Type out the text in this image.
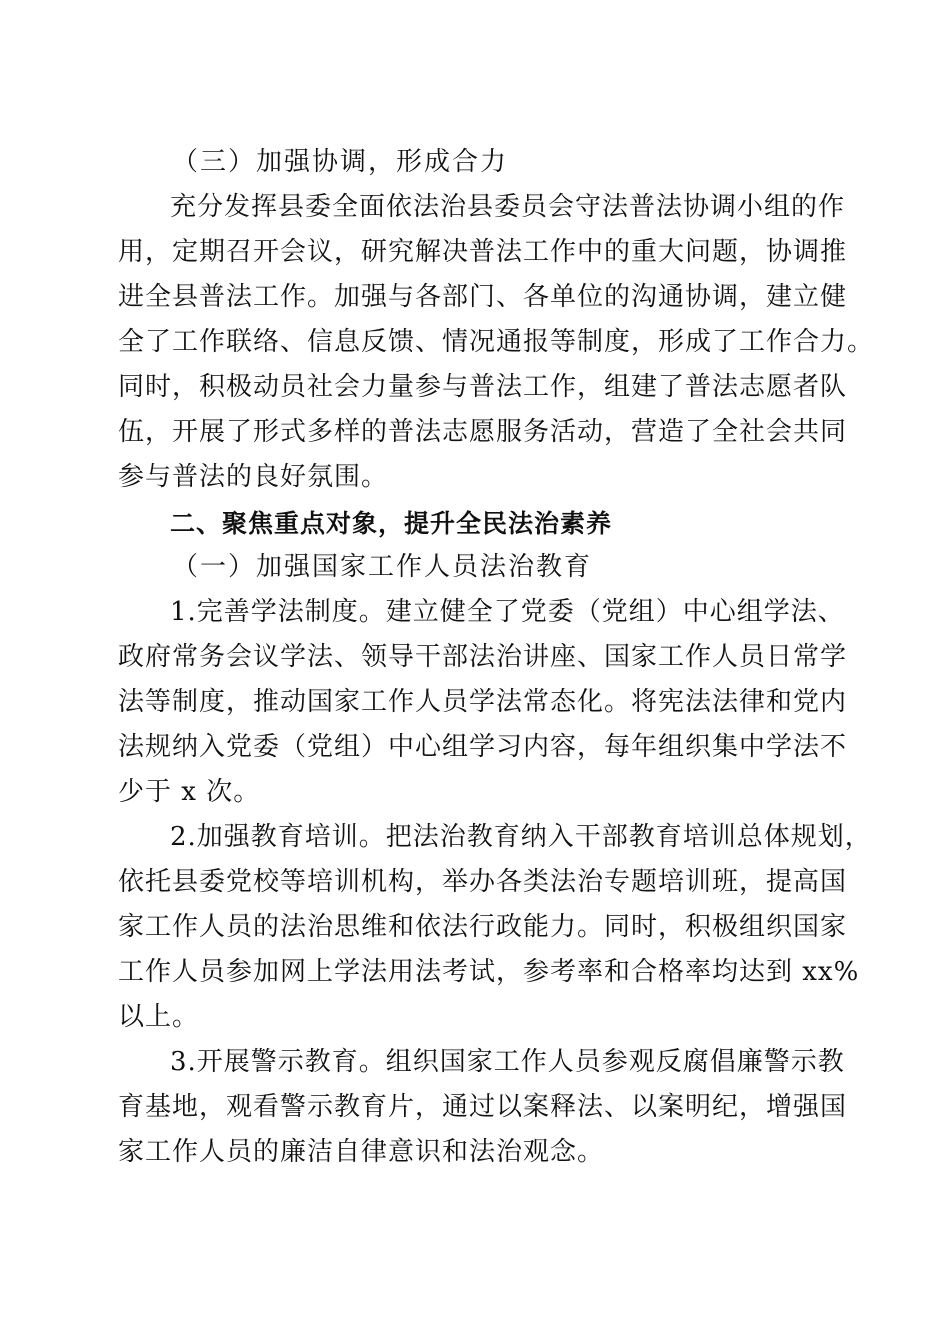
（三）加强协调，形成合力
充分发挥县委全面依法治县委员会守法普法协调小组的作
用，定期召开会议，研究解决普法工作中的重大问题，协调推
进全县普法工作。加强与各部门、各单位的沟通协调，建立健
全了工作联络、信息反馈、情况通报等制度，形成了工作合力。
同时，积极动员社会力量参与普法工作，组建了普法志愿者队
伍，开展了形式多样的普法志愿服务活动，营造了全社会共同
参与普法的良好氛围。
二、聚焦重点对象，提升全民法治素养
（一）加强国家工作人员法治教育
1.完善学法制度。建立健全了党委（党组）中心组学法、
政府常务会议学法、领导干部法治讲座、国家工作人员日常学
法等制度，推动国家工作人员学法常态化。将宪法法律和党内
法规纳入党委（党组）中心组学习内容，每年组织集中学法不
少于 x 次。
2.加强教育培训。把法治教育纳入干部教育培训总体规划，
依托县委党校等培训机构，举办各类法治专题培训班，提高国
家工作人员的法治思维和依法行政能力。同时，积极组织国家
工作人员参加网上学法用法考试，参考率和合格率均达到 xx%
以上。
3.开展警示教育。组织国家工作人员参观反腐倡廉警示教
育基地，观看警示教育片，通过以案释法、以案明纪，增强国
家工作人员的廉洁自律意识和法治观念。
